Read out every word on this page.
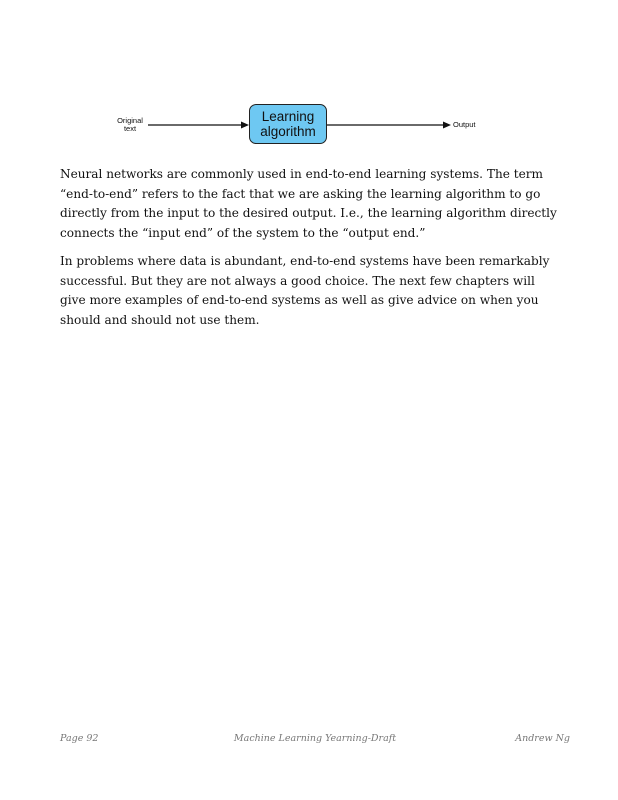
Original
text
Learning
algorithm	Output

Neural networks are commonly used in end-to-end learning systems. The term “end-to-end” refers to the fact that we are asking the learning algorithm to go directly from the input to the desired output. I.e., the learning algorithm directly connects the “input end” of the system to the “output end.”

In problems where data is abundant, end-to-end systems have been remarkably successful. But they are not always a good choice. The next few chapters will give more examples of end-to-end systems as well as give advice on when you should and should not use them.

Page 92	Machine Learning Yearning-Draft	Andrew Ng
